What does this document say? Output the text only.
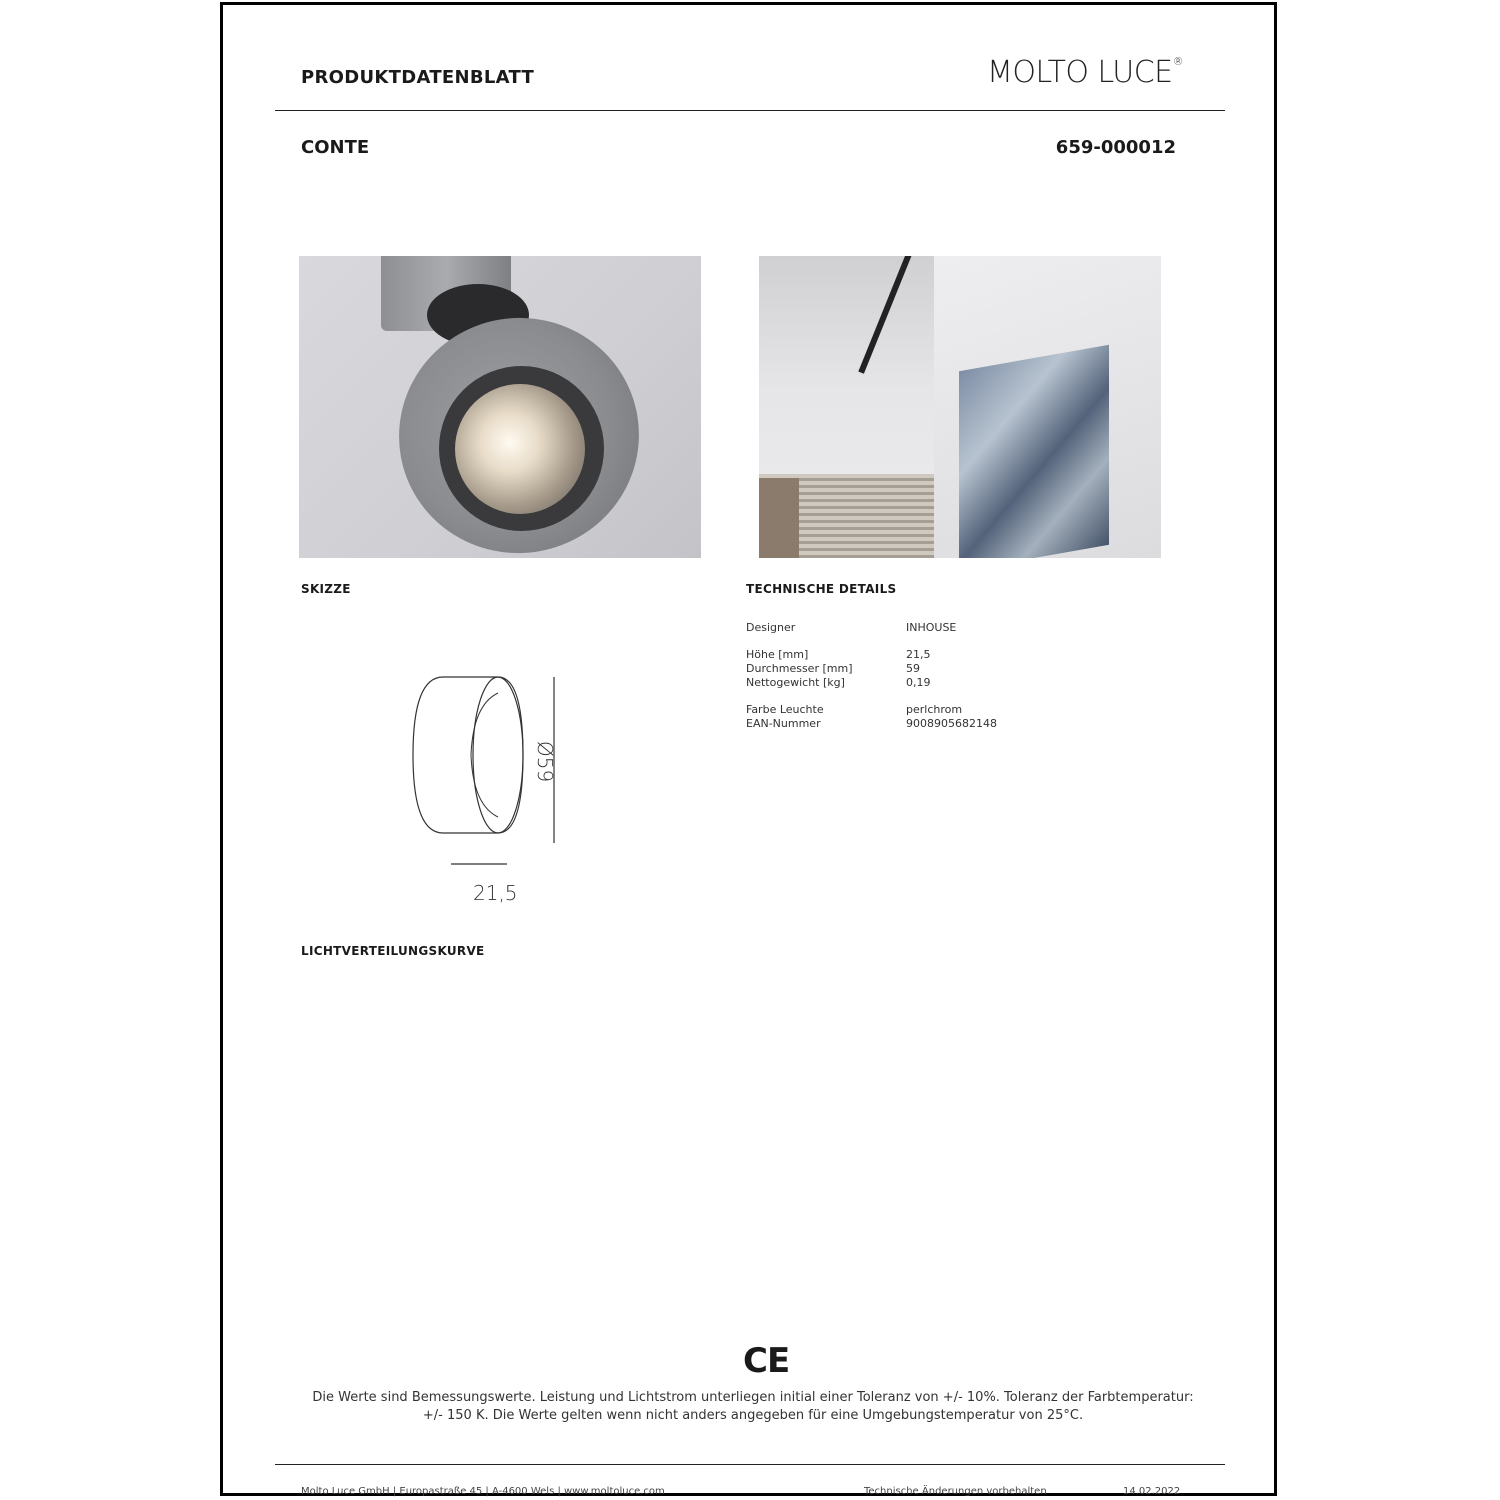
PRODUKTDATENBLATT	MOLTO LUCE®
CONTE	659-000012
SKIZZE	TECHNISCHE DETAILS
Designer	INHOUSE
Höhe [mm]	21,5
Durchmesser [mm]	59
Nettogewicht [kg]	0,19
Farbe Leuchte	perlchrom
EAN-Nummer	9008905682148
21,5
Ø59
LICHTVERTEILUNGSKURVE
CE
Die Werte sind Bemessungswerte. Leistung und Lichtstrom unterliegen initial einer Toleranz von +/- 10%. Toleranz der Farbtemperatur: +/- 150 K. Die Werte gelten wenn nicht anders angegeben für eine Umgebungstemperatur von 25°C.
Molto Luce GmbH | Europastraße 45 | A-4600 Wels | www.moltoluce.com	Technische Änderungen vorbehalten	14.02.2022
